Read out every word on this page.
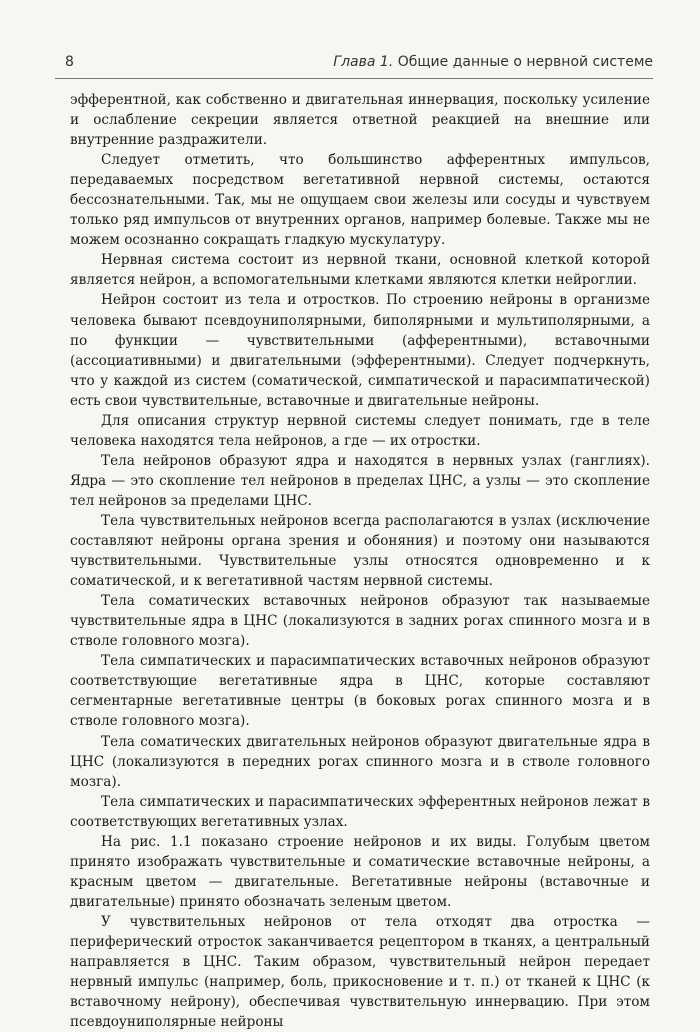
8	Глава 1. Общие данные о нервной системе

эфферентной, как собственно и двигательная иннервация, поскольку усиление и ослабление секреции является ответной реакцией на внешние или внутренние раздражители.

Следует отметить, что большинство афферентных импульсов, передаваемых посредством вегетативной нервной системы, остаются бессознательными. Так, мы не ощущаем свои железы или сосуды и чувствуем только ряд импульсов от внутренних органов, например болевые. Также мы не можем осознанно сокращать гладкую мускулатуру.

Нервная система состоит из нервной ткани, основной клеткой которой является нейрон, а вспомогательными клетками являются клетки нейроглии.

Нейрон состоит из тела и отростков. По строению нейроны в организме человека бывают псевдоуниполярными, биполярными и мультиполярными, а по функции — чувствительными (афферентными), вставочными (ассоциативными) и двигательными (эфферентными). Следует подчеркнуть, что у каждой из систем (соматической, симпатической и парасимпатической) есть свои чувствительные, вставочные и двигательные нейроны.

Для описания структур нервной системы следует понимать, где в теле человека находятся тела нейронов, а где — их отростки.

Тела нейронов образуют ядра и находятся в нервных узлах (ганглиях). Ядра — это скопление тел нейронов в пределах ЦНС, а узлы — это скопление тел нейронов за пределами ЦНС.

Тела чувствительных нейронов всегда располагаются в узлах (исключение составляют нейроны органа зрения и обоняния) и поэтому они называются чувствительными. Чувствительные узлы относятся одновременно и к соматической, и к вегетативной частям нервной системы.

Тела соматических вставочных нейронов образуют так называемые чувствительные ядра в ЦНС (локализуются в задних рогах спинного мозга и в стволе головного мозга).

Тела симпатических и парасимпатических вставочных нейронов образуют соответствующие вегетативные ядра в ЦНС, которые составляют сегментарные вегетативные центры (в боковых рогах спинного мозга и в стволе головного мозга).

Тела соматических двигательных нейронов образуют двигательные ядра в ЦНС (локализуются в передних рогах спинного мозга и в стволе головного мозга).

Тела симпатических и парасимпатических эфферентных нейронов лежат в соответствующих вегетативных узлах.

На рис. 1.1 показано строение нейронов и их виды. Голубым цветом принято изображать чувствительные и соматические вставочные нейроны, а красным цветом — двигательные. Вегетативные нейроны (вставочные и двигательные) принято обозначать зеленым цветом.

У чувствительных нейронов от тела отходят два отростка — периферический отросток заканчивается рецептором в тканях, а центральный направляется в ЦНС. Таким образом, чувствительный нейрон передает нервный импульс (например, боль, прикосновение и т. п.) от тканей к ЦНС (к вставочному нейрону), обеспечивая чувствительную иннервацию. При этом псевдоуниполярные нейроны
